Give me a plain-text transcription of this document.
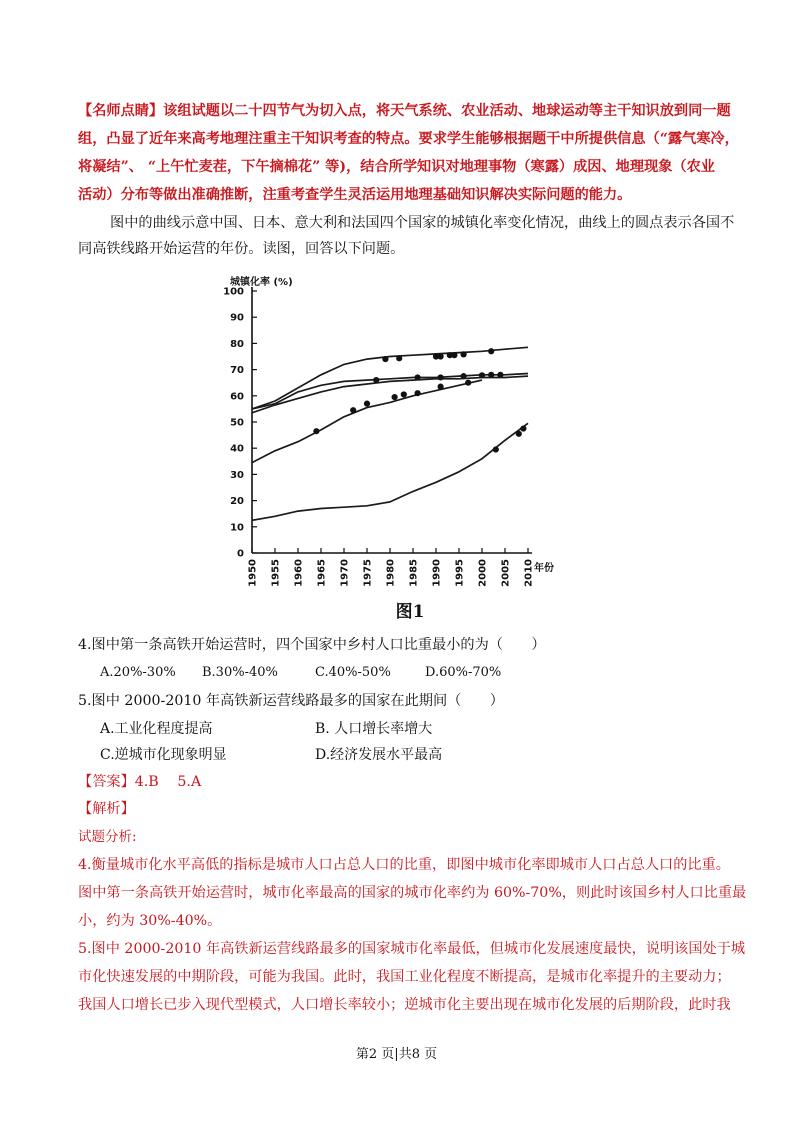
【名师点睛】该组试题以二十四节气为切入点，将天气系统、农业活动、地球运动等主干知识放到同一题
组，凸显了近年来高考地理注重主干知识考查的特点。要求学生能够根据题干中所提供信息（“露气寒冷，
将凝结”、 “上午忙麦茬，下午摘棉花” 等)，结合所学知识对地理事物（寒露）成因、地理现象（农业
活动）分布等做出准确推断，注重考查学生灵活运用地理基础知识解决实际问题的能力。
图中的曲线示意中国、日本、意大利和法国四个国家的城镇化率变化情况，曲线上的圆点表示各国不
同高铁线路开始运营的年份。读图，回答以下问题。
城镇化率 (%)
年份
图1
0
10
20
30
40
50
60
70
80
90
100
1950 1955 1960 1965 1970 1975 1980 1985 1990 1995 2000 2005 2010
4.图中第一条高铁开始运营时，四个国家中乡村人口比重最小的为（　　）
A.20%-30% B.30%-40%	C.40%-50%	D.60%-70%
5.图中 2000-2010 年高铁新运营线路最多的国家在此期间（　　）
A.工业化程度提高	B. 人口增长率增大
C.逆城市化现象明显	D.经济发展水平最高
【答案】4.B　 5.A
【解析】
试题分析:
4.衡量城市化水平高低的指标是城市人口占总人口的比重，即图中城市化率即城市人口占总人口的比重。
图中第一条高铁开始运营时，城市化率最高的国家的城市化率约为 60%-70%，则此时该国乡村人口比重最
小，约为 30%-40%。
5.图中 2000-2010 年高铁新运营线路最多的国家城市化率最低，但城市化发展速度最快，说明该国处于城
市化快速发展的中期阶段，可能为我国。此时，我国工业化程度不断提高，是城市化率提升的主要动力；
我国人口增长已步入现代型模式，人口增长率较小；逆城市化主要出现在城市化发展的后期阶段，此时我
第2 页|共8 页
